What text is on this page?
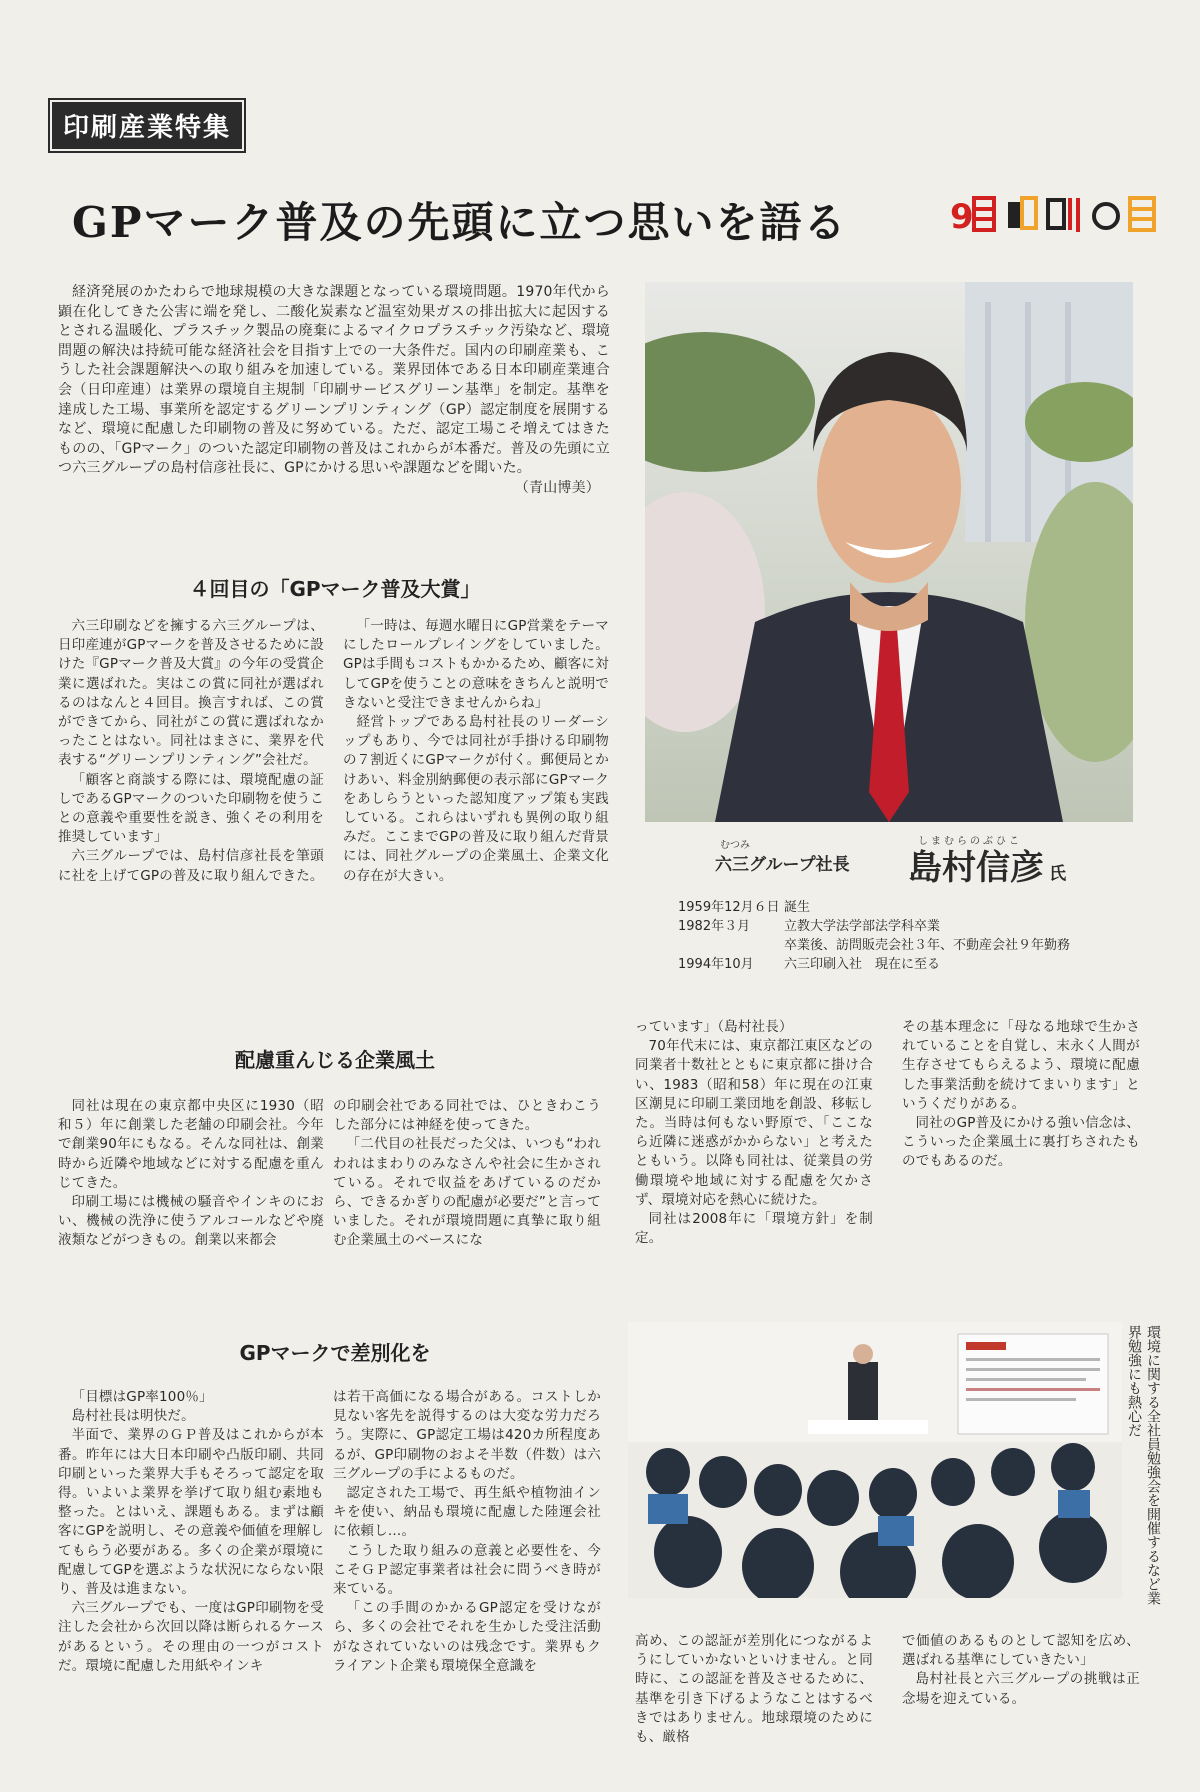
印刷産業特集
GPマーク普及の先頭に立つ思いを語る	9

経済発展のかたわらで地球規模の大きな課題となっている環境問題。1970年代から顕在化してきた公害に端を発し、二酸化炭素など温室効果ガスの排出拡大に起因するとされる温暖化、プラスチック製品の廃棄によるマイクロプラスチック汚染など、環境問題の解決は持続可能な経済社会を目指す上での一大条件だ。国内の印刷産業も、こうした社会課題解決への取り組みを加速している。業界団体である日本印刷産業連合会（日印産連）は業界の環境自主規制「印刷サービスグリーン基準」を制定。基準を達成した工場、事業所を認定するグリーンプリンティング（GP）認定制度を展開するなど、環境に配慮した印刷物の普及に努めている。ただ、認定工場こそ増えてはきたものの、「GPマーク」のついた認定印刷物の普及はこれからが本番だ。普及の先頭に立つ六三グループの島村信彦社長に、GPにかける思いや課題などを聞いた。

（青山博美）
４回目の「GPマーク普及大賞」

六三印刷などを擁する六三グループは、日印産連がGPマークを普及させるために設けた『GPマーク普及大賞』の今年の受賞企業に選ばれた。実はこの賞に同社が選ばれるのはなんと４回目。換言すれば、この賞ができてから、同社がこの賞に選ばれなかったことはない。同社はまさに、業界を代表する“グリーンプリンティング”会社だ。

「顧客と商談する際には、環境配慮の証しであるGPマークのついた印刷物を使うことの意義や重要性を説き、強くその利用を推奨しています」

六三グループでは、島村信彦社長を筆頭に社を上げてGPの普及に取り組んできた。

「一時は、毎週水曜日にGP営業をテーマにしたロールプレイングをしていました。GPは手間もコストもかかるため、顧客に対してGPを使うことの意味をきちんと説明できないと受注できませんからね」

経営トップである島村社長のリーダーシップもあり、今では同社が手掛ける印刷物の７割近くにGPマークが付く。郵便局とかけあい、料金別納郵便の表示部にGPマークをあしらうといった認知度アップ策も実践している。これらはいずれも異例の取り組みだ。ここまでGPの普及に取り組んだ背景には、同社グループの企業風土、企業文化の存在が大きい。

むつみ	しまむらのぶひこ
六三グループ社長 島村信彦 氏
1959年12月６日 誕生
1982年３月	立教大学法学部法学科卒業
卒業後、訪問販売会社３年、不動産会社９年勤務
1994年10月	六三印刷入社　現在に至る
配慮重んじる企業風土

同社は現在の東京都中央区に1930（昭和５）年に創業した老舗の印刷会社。今年で創業90年にもなる。そんな同社は、創業時から近隣や地域などに対する配慮を重んじてきた。

印刷工場には機械の騒音やインキのにおい、機械の洗浄に使うアルコールなどや廃液類などがつきもの。創業以来都会

の印刷会社である同社では、ひときわこうした部分には神経を使ってきた。

「二代目の社長だった父は、いつも“われわれはまわりのみなさんや社会に生かされている。それで収益をあげているのだから、できるかぎりの配慮が必要だ”と言っていました。それが環境問題に真摯に取り組む企業風土のベースにな

っています」（島村社長）

70年代末には、東京都江東区などの同業者十数社とともに東京都に掛け合い、1983（昭和58）年に現在の江東区潮見に印刷工業団地を創設、移転した。当時は何もない野原で、「ここなら近隣に迷惑がかからない」と考えたともいう。以降も同社は、従業員の労働環境や地域に対する配慮を欠かさず、環境対応を熱心に続けた。

同社は2008年に「環境方針」を制定。

その基本理念に「母なる地球で生かされていることを自覚し、末永く人間が生存させてもらえるよう、環境に配慮した事業活動を続けてまいります」というくだりがある。

同社のGP普及にかける強い信念は、こういった企業風土に裏打ちされたものでもあるのだ。

GPマークで差別化を

「目標はGP率100％」

島村社長は明快だ。

半面で、業界のＧＰ普及はこれからが本番。昨年には大日本印刷や凸版印刷、共同印刷といった業界大手もそろって認定を取得。いよいよ業界を挙げて取り組む素地も整った。とはいえ、課題もある。まずは顧客にGPを説明し、その意義や価値を理解してもらう必要がある。多くの企業が環境に配慮してGPを選ぶような状況にならない限り、普及は進まない。

六三グループでも、一度はGP印刷物を受注した会社から次回以降は断られるケースがあるという。その理由の一つがコストだ。環境に配慮した用紙やインキ

は若干高価になる場合がある。コストしか見ない客先を説得するのは大変な労力だろう。実際に、GP認定工場は420カ所程度あるが、GP印刷物のおよそ半数（件数）は六三グループの手によるものだ。

認定された工場で、再生紙や植物油インキを使い、納品も環境に配慮した陸運会社に依頼し…。

こうした取り組みの意義と必要性を、今こそＧＰ認定事業者は社会に問うべき時が来ている。

「この手間のかかるGP認定を受けながら、多くの会社でそれを生かした受注活動がなされていないのは残念です。業界もクライアント企業も環境保全意識を

環境に関する全社員勉強会を開催するなど業界勉強にも熱心だ

高め、この認証が差別化につながるようにしていかないといけません。と同時に、この認証を普及させるために、基準を引き下げるようなことはするべきではありません。地球環境のためにも、厳格

で価値のあるものとして認知を広め、選ばれる基準にしていきたい」

島村社長と六三グループの挑戦は正念場を迎えている。
